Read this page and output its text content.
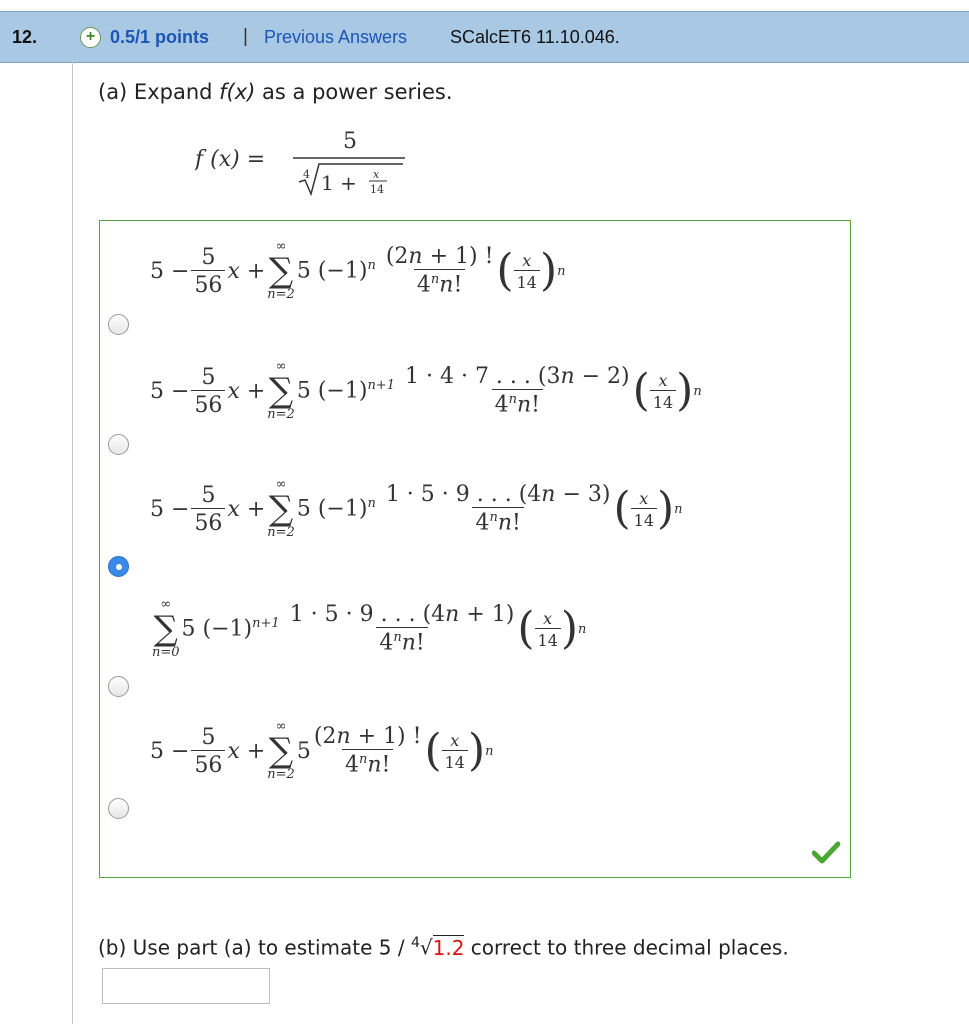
12.	+ 0.5/1 points | Previous Answers SCalcET6 11.10.046.
(a) Expand f(x) as a power series.
f (x) =
5
4 1 + x
14
$5 - \frac{5}{56}$ x +
∞
∑
n=2
5 $(-1)^n$
$\frac{(2n + 1) !}{4^nn!}$ ( $\frac{x}{14}$ ) n
$5 - \frac{5}{56}$ x +
∞
∑
n=2
5 $(-1)^{n+1}$
$\frac{1 \cdot 4 \cdot 7 . . . (3n - 2)}{4^nn!}$ ( $\frac{x}{14}$ ) n
$5 - \frac{5}{56}$ x +
∞
∑
n=2
5 $(-1)^n$
$\frac{1 \cdot 5 \cdot 9 . . . (4n - 3)}{4^nn!}$ ( $\frac{x}{14}$ ) n
∞
∑
n=0
5 $(-1)^{n+1}$
$\frac{1 \cdot 5 \cdot 9 . . . (4n + 1)}{4^nn!}$ ( $\frac{x}{14}$ ) n
$5 - \frac{5}{56}$ x +
∞
∑
n=2
$5 \frac{(2n + 1) !}{4^nn!}$ ( $\frac{x}{14}$ ) n
(b) Use part (a) to estimate 5 / $^4$√1.2 correct to three decimal places.
